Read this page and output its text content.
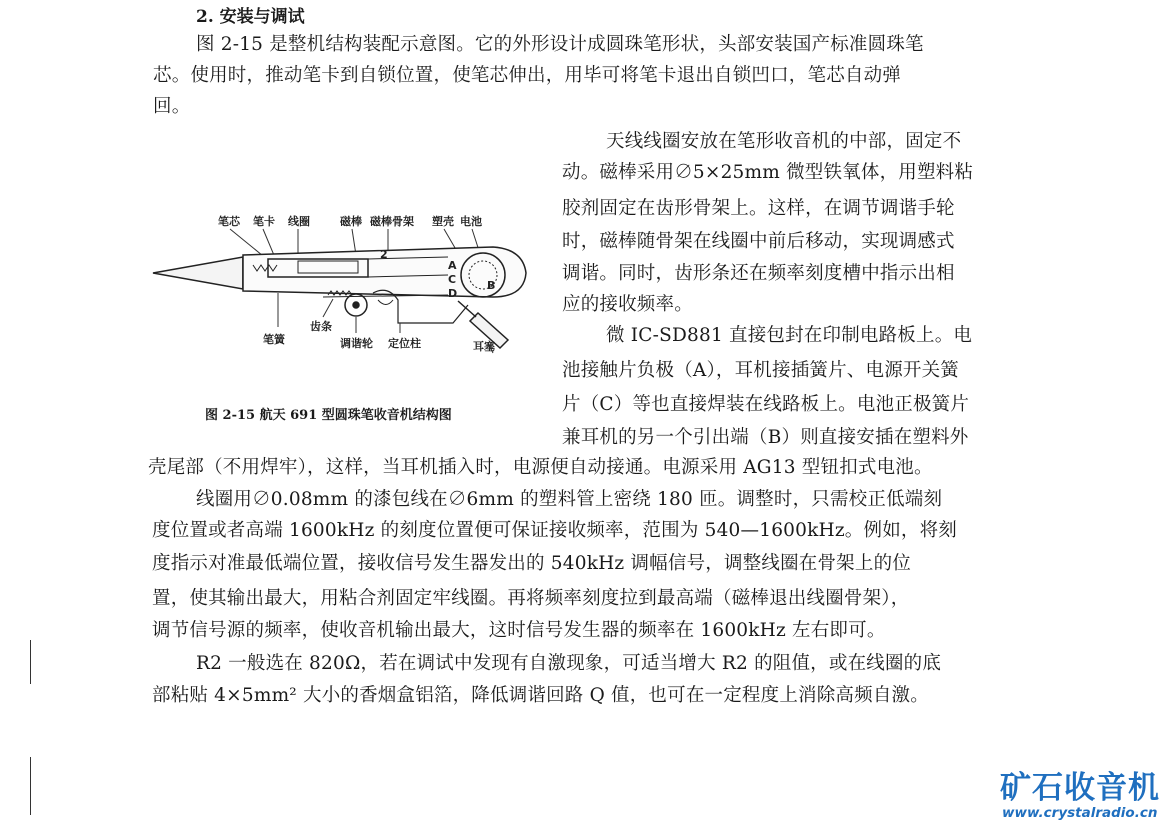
2. 安装与调试
图 2-15 是整机结构装配示意图。它的外形设计成圆珠笔形状，头部安装国产标准圆珠笔
芯。使用时，推动笔卡到自锁位置，使笔芯伸出，用毕可将笔卡退出自锁凹口，笔芯自动弹
回。
天线线圈安放在笔形收音机的中部，固定不
动。磁棒采用∅5×25mm 微型铁氧体，用塑料粘
胶剂固定在齿形骨架上。这样，在调节调谐手轮
时，磁棒随骨架在线圈中前后移动，实现调感式
调谐。同时，齿形条还在频率刻度槽中指示出相
应的接收频率。
微 IC-SD881 直接包封在印制电路板上。电
池接触片负极（A），耳机接插簧片、电源开关簧
片（C）等也直接焊装在线路板上。电池正极簧片
兼耳机的另一个引出端（B）则直接安插在塑料外
壳尾部（不用焊牢），这样，当耳机插入时，电源便自动接通。电源采用 AG13 型钮扣式电池。
线圈用∅0.08mm 的漆包线在∅6mm 的塑料管上密绕 180 匝。调整时，只需校正低端刻
度位置或者高端 1600kHz 的刻度位置便可保证接收频率，范围为 540—1600kHz。例如，将刻
度指示对准最低端位置，接收信号发生器发出的 540kHz 调幅信号，调整线圈在骨架上的位
置，使其输出最大，用粘合剂固定牢线圈。再将频率刻度拉到最高端（磁棒退出线圈骨架），
调节信号源的频率，使收音机输出最大，这时信号发生器的频率在 1600kHz 左右即可。
R2 一般选在 820Ω，若在调试中发现有自激现象，可适当增大 R2 的阻值，或在线圈的底
部粘贴 4×5mm² 大小的香烟盒铝箔，降低调谐回路 Q 值，也可在一定程度上消除高频自激。
笔芯 笔卡 线圈	磁棒 磁棒骨架 塑壳 电池
A
C
D
B
2
笔簧
齿条
调谐轮 定位柱	耳塞
图 2-15 航天 691 型圆珠笔收音机结构图
矿石收音机
www.crystalradio.cn
